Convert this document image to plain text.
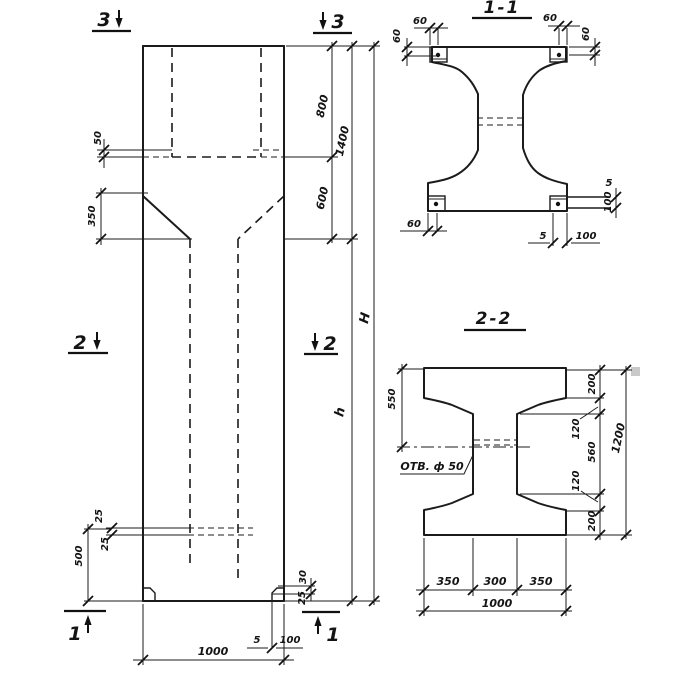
50
350
800
600
1400
h
H
25
25
500
30
25
5 100
1000
3	3
2	2
1	1
1-1
60
60
60
60
60
5
100
5	100
2-2
ОТВ. ф 50
550
200
120
560
120
200
1200
350 300 350
1000
